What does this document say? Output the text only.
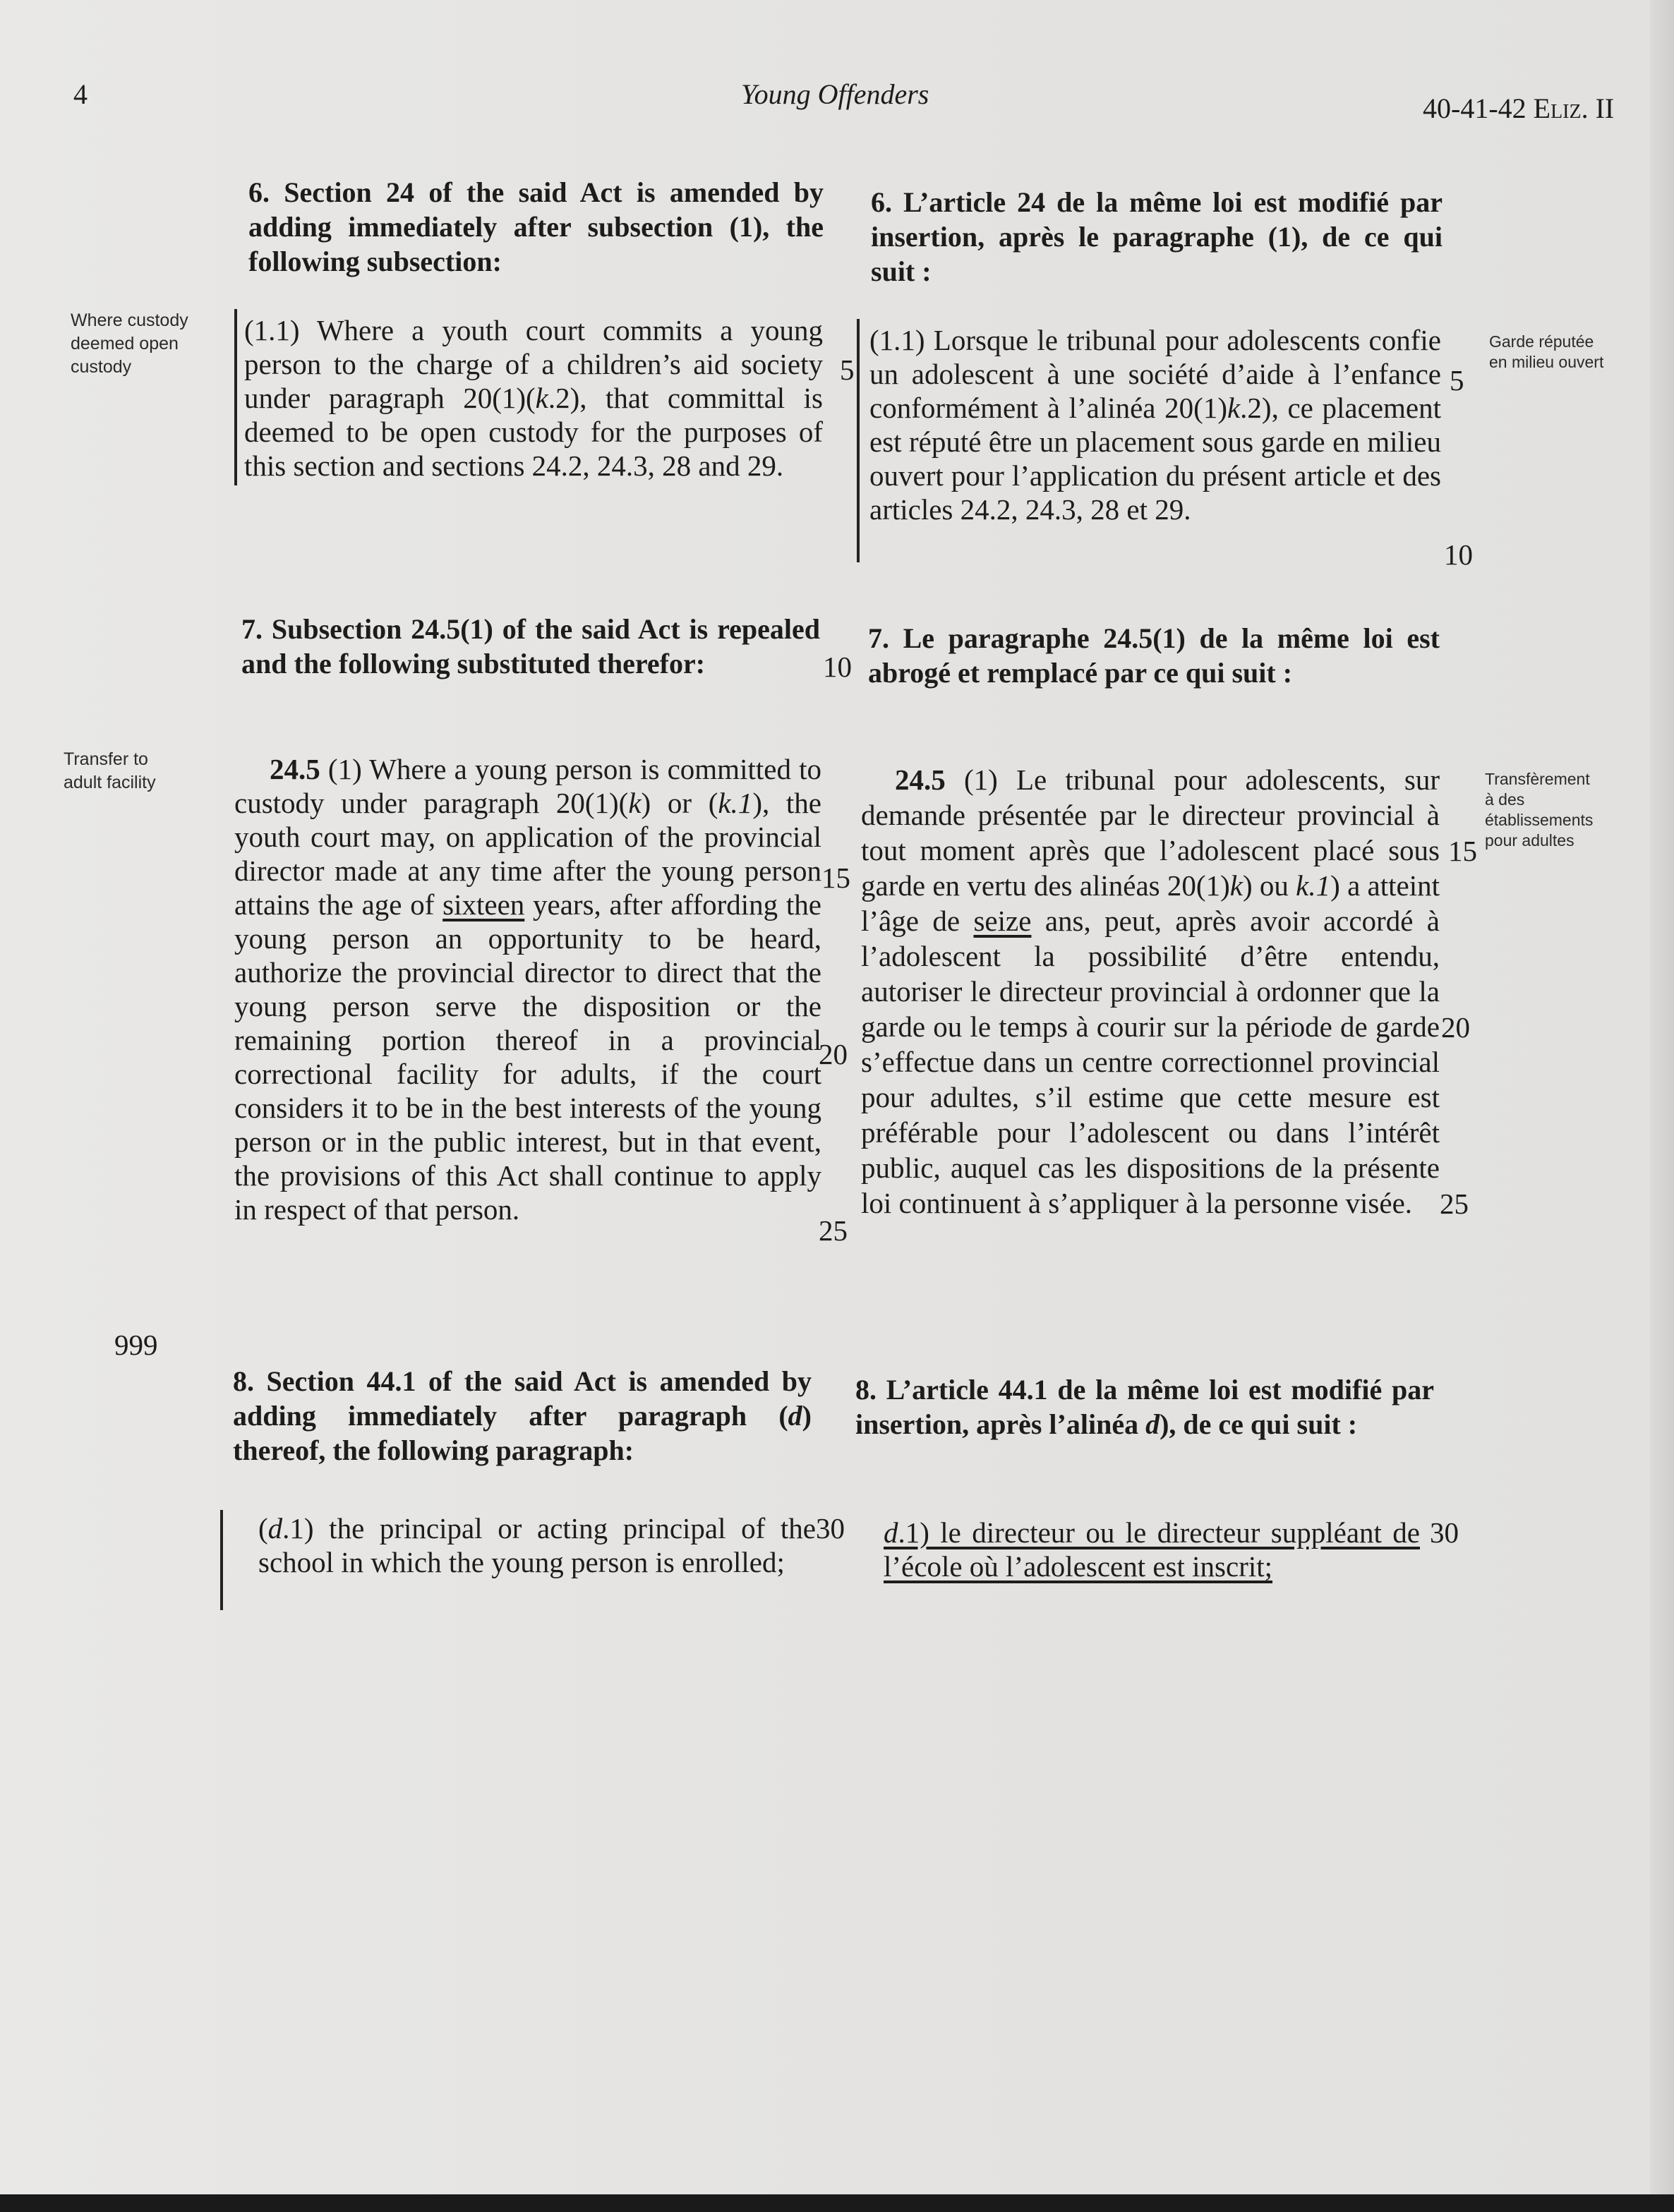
4	Young Offenders	40-41-42 Eliz. II
Where custody deemed open custody
Transfer to adult facility
Garde réputée en milieu ouvert
Transfèrement à des établissements pour adultes
6. Section 24 of the said Act is amended by adding immediately after subsection (1), the following subsection:
(1.1) Where a youth court commits a young person to the charge of a children’s aid society under paragraph 20(1)(k.2), that committal is deemed to be open custody for the purposes of this section and sections 24.2, 24.3, 28 and 29.
7. Subsection 24.5(1) of the said Act is repealed and the following substituted therefor:
24.5 (1) Where a young person is committed to custody under paragraph 20(1)(k) or (k.1), the youth court may, on application of the provincial director made at any time after the young person attains the age of sixteen years, after affording the young person an opportunity to be heard, authorize the provincial director to direct that the young person serve the disposition or the remaining portion thereof in a provincial correctional facility for adults, if the court considers it to be in the best interests of the young person or in the public interest, but in that event, the provisions of this Act shall continue to apply in respect of that person.
999
8. Section 44.1 of the said Act is amended by adding immediately after paragraph (d) thereof, the following paragraph:
(d.1) the principal or acting principal of the school in which the young person is enrolled;
5
10
15
20
25
30
6. L’article 24 de la même loi est modifié par insertion, après le paragraphe (1), de ce qui suit :
(1.1) Lorsque le tribunal pour adolescents confie un adolescent à une société d’aide à l’enfance conformément à l’alinéa 20(1)k.2), ce placement est réputé être un placement sous garde en milieu ouvert pour l’application du présent article et des articles 24.2, 24.3, 28 et 29.
5
10
7. Le paragraphe 24.5(1) de la même loi est abrogé et remplacé par ce qui suit :
24.5 (1) Le tribunal pour adolescents, sur demande présentée par le directeur provincial à tout moment après que l’adolescent placé sous garde en vertu des alinéas 20(1)k) ou k.1) a atteint l’âge de seize ans, peut, après avoir accordé à l’adolescent la possibilité d’être entendu, autoriser le directeur provincial à ordonner que la garde ou le temps à courir sur la période de garde s’effectue dans un centre correctionnel provincial pour adultes, s’il estime que cette mesure est préférable pour l’adolescent ou dans l’intérêt public, auquel cas les dispositions de la présente loi continuent à s’appliquer à la personne visée.
15
20
25
8. L’article 44.1 de la même loi est modifié par insertion, après l’alinéa d), de ce qui suit :
d.1) le directeur ou le directeur suppléant de l’école où l’adolescent est inscrit;
30
